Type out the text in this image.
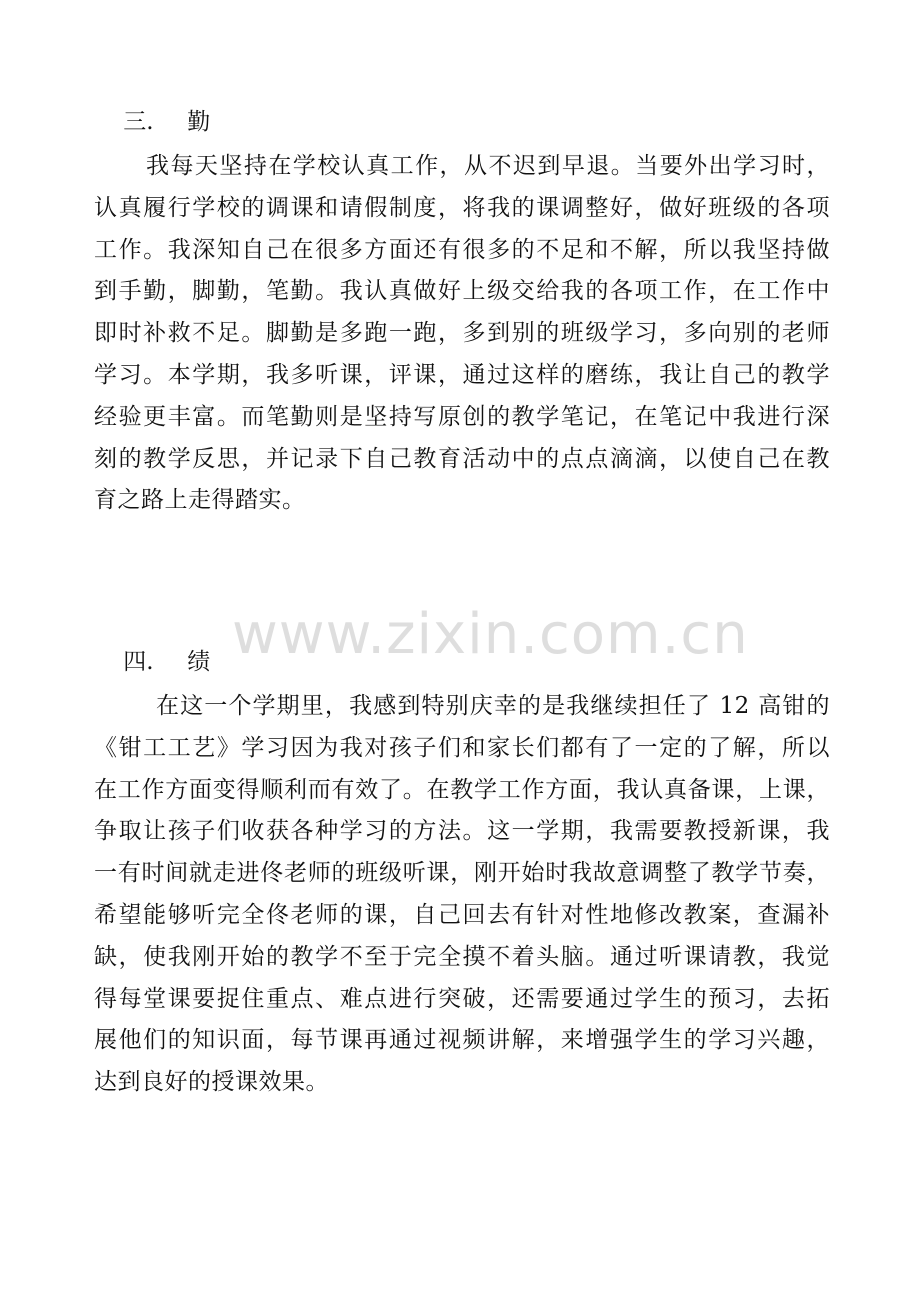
三. 勤

我每天坚持在学校认真工作，从不迟到早退。当要外出学习时，
认真履行学校的调课和请假制度，将我的课调整好，做好班级的各项
工作。我深知自己在很多方面还有很多的不足和不解，所以我坚持做
到手勤，脚勤，笔勤。我认真做好上级交给我的各项工作，在工作中
即时补救不足。脚勤是多跑一跑，多到别的班级学习，多向别的老师
学习。本学期，我多听课，评课，通过这样的磨练，我让自己的教学
经验更丰富。而笔勤则是坚持写原创的教学笔记，在笔记中我进行深
刻的教学反思，并记录下自己教育活动中的点点滴滴，以使自己在教
育之路上走得踏实。
www.zixin.com.cn

四. 绩

在这一个学期里，我感到特别庆幸的是我继续担任了 12 高钳的
《钳工工艺》学习因为我对孩子们和家长们都有了一定的了解，所以
在工作方面变得顺利而有效了。在教学工作方面，我认真备课，上课，
争取让孩子们收获各种学习的方法。这一学期，我需要教授新课，我
一有时间就走进佟老师的班级听课，刚开始时我故意调整了教学节奏，
希望能够听完全佟老师的课，自己回去有针对性地修改教案，查漏补
缺，使我刚开始的教学不至于完全摸不着头脑。通过听课请教，我觉
得每堂课要捉住重点、难点进行突破，还需要通过学生的预习，去拓
展他们的知识面，每节课再通过视频讲解，来增强学生的学习兴趣，
达到良好的授课效果。
